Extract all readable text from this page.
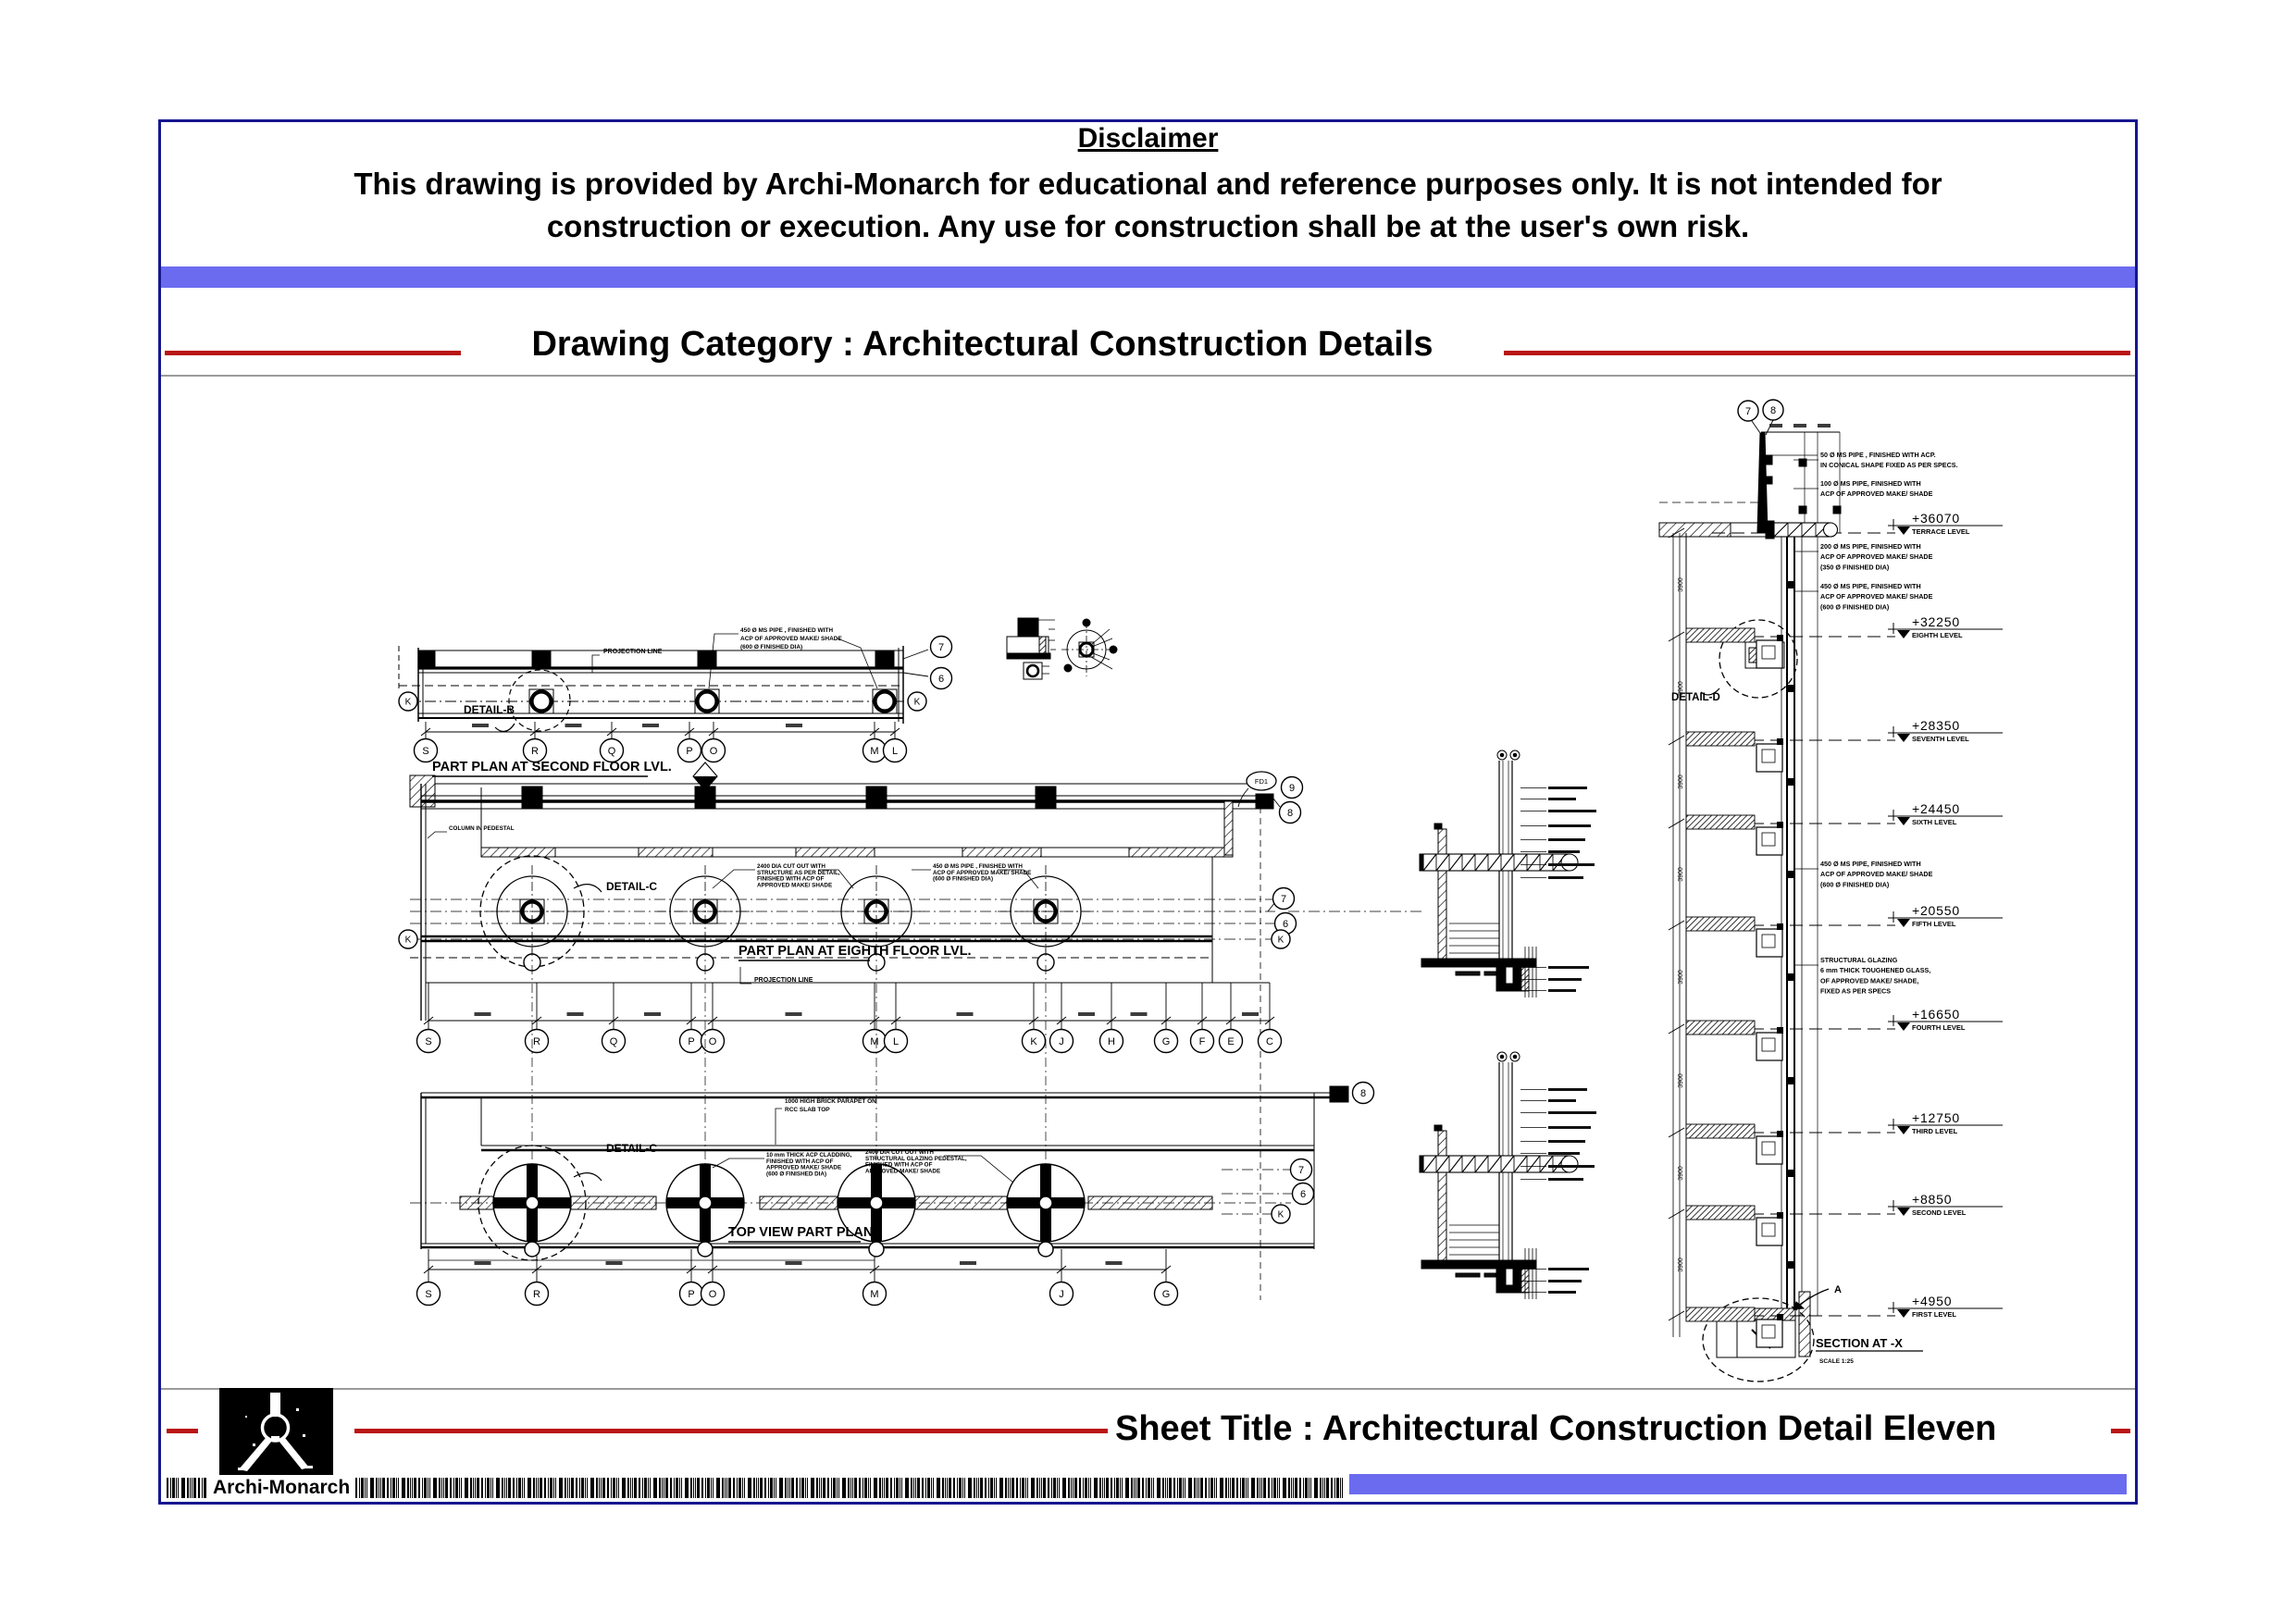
Disclaimer
This drawing is provided by Archi-Monarch for educational and reference purposes only. It is not intended for
construction or execution. Any use for construction shall be at the user's own risk.
Drawing Category : Architectural Construction Details
S	R	Q	P O	M L
7
6
K	K
DETAIL-B
PROJECTION LINE
450 Ø MS PIPE , FINISHED WITH
ACP OF APPROVED MAKE/ SHADE
(600 Ø FINISHED DIA)
PART PLAN AT SECOND FLOOR LVL.
S	R	Q	P O	M L	K J	H	G	F E	C
FD1
9
8
7
6
K	K
DETAIL-C
COLUMN IN PEDESTAL
2400 DIA CUT OUT WITH
STRUCTURE AS PER DETAIL,
FINISHED WITH ACP OF
APPROVED MAKE/ SHADE
450 Ø MS PIPE , FINISHED WITH
ACP OF APPROVED MAKE/ SHADE
(600 Ø FINISHED DIA)
PROJECTION LINE
PART PLAN AT EIGHTH FLOOR LVL.
S	R	P O	M	J	G
8
7
6
K
DETAIL-C
1000 HIGH BRICK PARAPET ON
RCC SLAB TOP
10 mm THICK ACP CLADDING,
FINISHED WITH ACP OF
APPROVED MAKE/ SHADE
(600 Ø FINISHED DIA)
2400 DIA CUT OUT WITH
STRUCTURAL GLAZING PEDESTAL,
FINISHED WITH ACP OF
APPROVED MAKE/ SHADE
TOP VIEW PART PLAN
+36070
TERRACE LEVEL
3900
+32250
EIGHTH LEVEL
3900
+28350
SEVENTH LEVEL
3900
+24450
SIXTH LEVEL
3900
+20550
FIFTH LEVEL
3900
+16650
FOURTH LEVEL
3900
+12750
THIRD LEVEL
3900
+8850
SECOND LEVEL
3900
+4950
FIRST LEVEL
7 8
50 Ø MS PIPE , FINISHED WITH ACP.
IN CONICAL SHAPE FIXED AS PER SPECS.
100 Ø MS PIPE, FINISHED WITH
ACP OF APPROVED MAKE/ SHADE
200 Ø MS PIPE, FINISHED WITH
ACP OF APPROVED MAKE/ SHADE
(350 Ø FINISHED DIA)
450 Ø MS PIPE, FINISHED WITH
ACP OF APPROVED MAKE/ SHADE
(600 Ø FINISHED DIA)
450 Ø MS PIPE, FINISHED WITH
ACP OF APPROVED MAKE/ SHADE
(600 Ø FINISHED DIA)
STRUCTURAL GLAZING
6 mm THICK TOUGHENED GLASS,
OF APPROVED MAKE/ SHADE,
FIXED AS PER SPECS
DETAIL-D
A
SECTION AT -X
SCALE 1:25
Sheet Title : Architectural Construction Detail Eleven
Archi-Monarch
